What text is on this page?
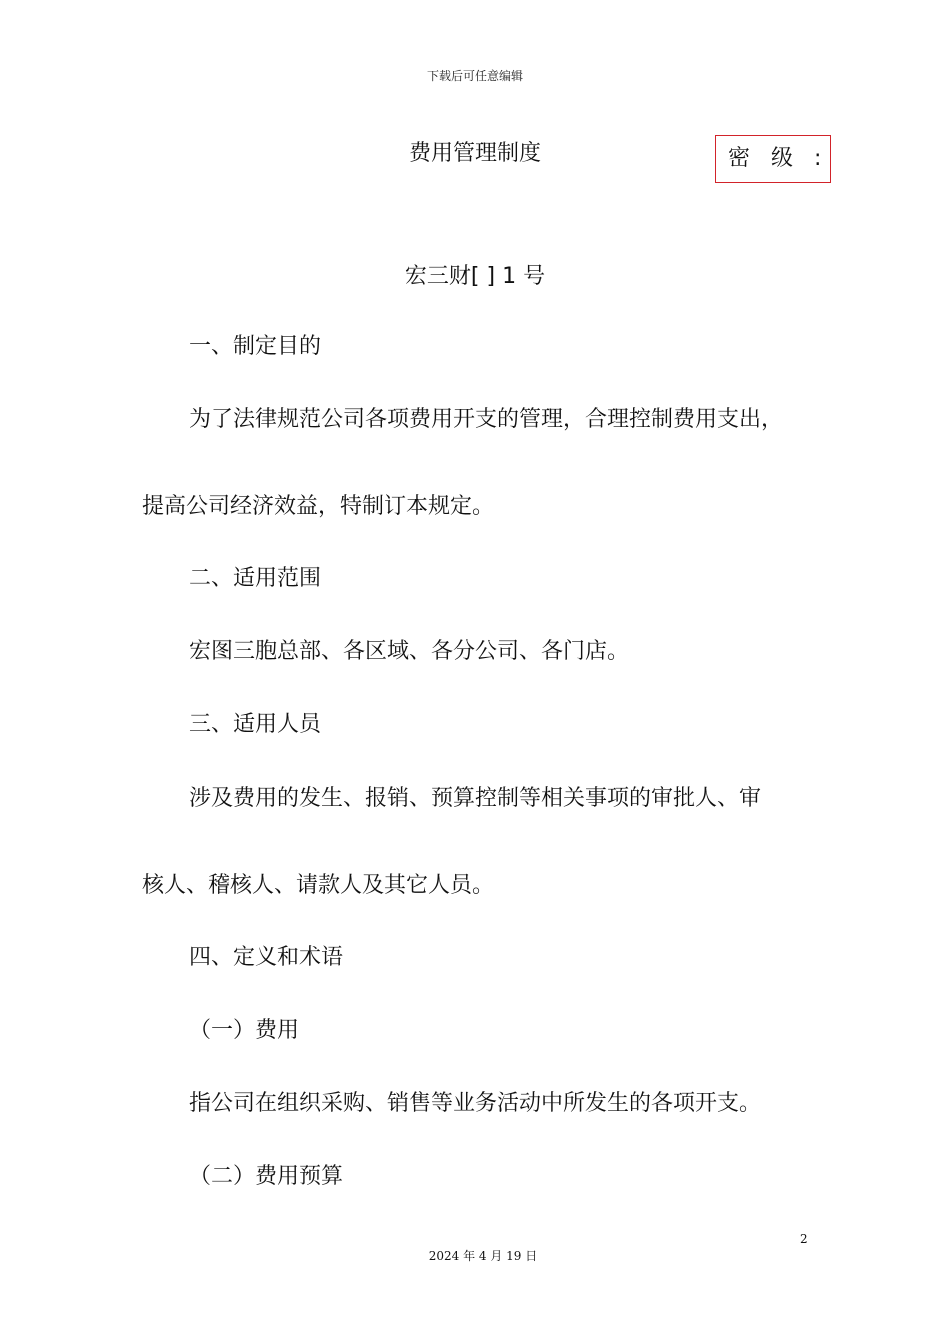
下载后可任意编辑
费用管理制度	密 级 :
宏三财[ ] 1 号
一、制定目的
为了法律规范公司各项费用开支的管理，合理控制费用支出，
提高公司经济效益，特制订本规定。
二、适用范围
宏图三胞总部、各区域、各分公司、各门店。
三、适用人员
涉及费用的发生、报销、预算控制等相关事项的审批人、审
核人、稽核人、请款人及其它人员。
四、定义和术语
（一）费用
指公司在组织采购、销售等业务活动中所发生的各项开支。
（二）费用预算
2
2024 年 4 月 19 日
